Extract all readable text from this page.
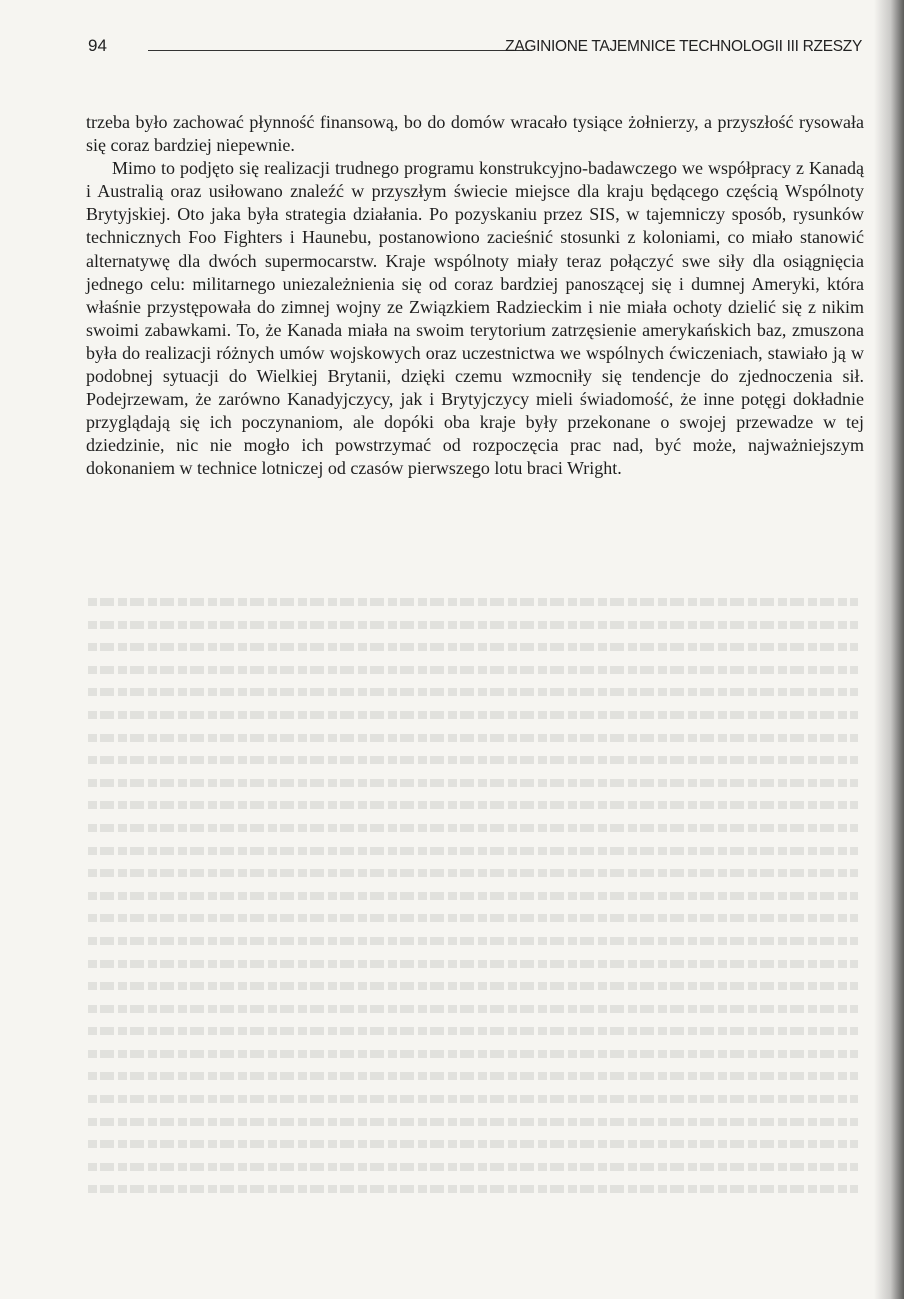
94	ZAGINIONE TAJEMNICE TECHNOLOGII III RZESZY

trzeba było zachować płynność finansową, bo do domów wracało tysiące żołnierzy, a przyszłość rysowała się coraz bardziej niepewnie.

Mimo to podjęto się realizacji trudnego programu konstrukcyjno-badawczego we współpracy z Kanadą i Australią oraz usiłowano znaleźć w przyszłym świecie miejsce dla kraju będącego częścią Wspólnoty Brytyjskiej. Oto jaka była strategia działania. Po pozyskaniu przez SIS, w tajemniczy sposób, rysunków technicznych Foo Fighters i Haunebu, postanowiono zacieśnić stosunki z koloniami, co miało stanowić alternatywę dla dwóch supermocarstw. Kraje wspólnoty miały teraz połączyć swe siły dla osiągnięcia jednego celu: militarnego uniezależnienia się od coraz bardziej panoszącej się i dumnej Ameryki, która właśnie przystępowała do zimnej wojny ze Związkiem Radzieckim i nie miała ochoty dzielić się z nikim swoimi zabawkami. To, że Kanada miała na swoim terytorium zatrzęsienie amerykańskich baz, zmuszona była do realizacji różnych umów wojskowych oraz uczestnictwa we wspólnych ćwiczeniach, stawiało ją w podobnej sytuacji do Wielkiej Brytanii, dzięki czemu wzmocniły się tendencje do zjednoczenia sił. Podejrzewam, że zarówno Kanadyjczycy, jak i Brytyjczycy mieli świadomość, że inne potęgi dokładnie przyglądają się ich poczynaniom, ale dopóki oba kraje były przekonane o swojej przewadze w tej dziedzinie, nic nie mogło ich powstrzymać od rozpoczęcia prac nad, być może, najważniejszym dokonaniem w technice lotniczej od czasów pierwszego lotu braci Wright.
